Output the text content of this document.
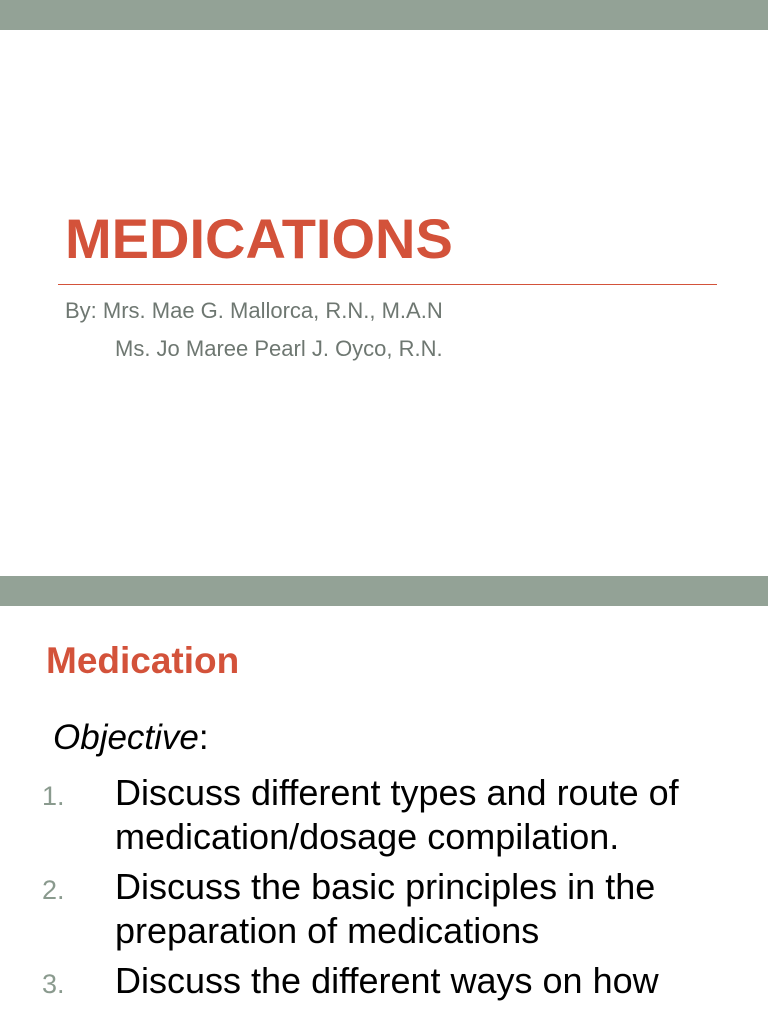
MEDICATIONS
By: Mrs. Mae G. Mallorca, R.N., M.A.N
Ms. Jo Maree Pearl J. Oyco, R.N.
Medication
Objective:
1. Discuss different types and route of medication/dosage compilation.
2. Discuss the basic principles in the preparation of medications
3. Discuss the different ways on how
